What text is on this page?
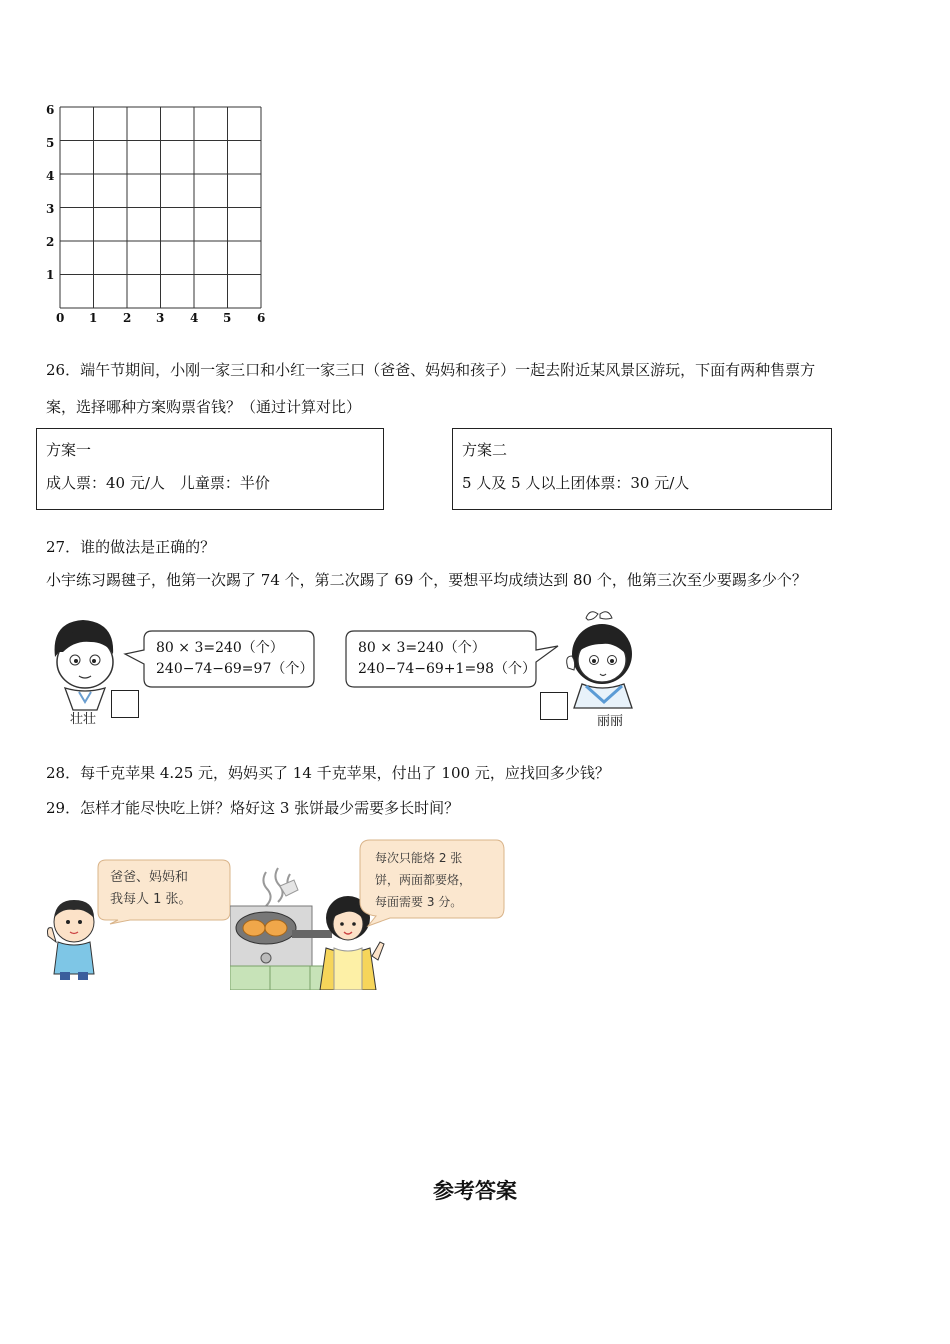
6
5
4
3
2
1
0 1 2 3 4 5 6
26．端午节期间，小刚一家三口和小红一家三口（爸爸、妈妈和孩子）一起去附近某风景区游玩，下面有两种售票方
案，选择哪种方案购票省钱？（通过计算对比）
方案一
成人票：40 元/人　儿童票：半价
方案二
5 人及 5 人以上团体票：30 元/人
27．谁的做法是正确的？
小宇练习踢毽子，他第一次踢了 74 个，第二次踢了 69 个，要想平均成绩达到 80 个，他第三次至少要踢多少个？
壮壮
80 × 3=240（个）
240−74−69=97（个）
80 × 3=240（个）
240−74−69+1=98（个）
丽丽
28．每千克苹果 4.25 元，妈妈买了 14 千克苹果，付出了 100 元，应找回多少钱？
29．怎样才能尽快吃上饼？烙好这 3 张饼最少需要多长时间？
爸爸、妈妈和
我每人 1 张。
每次只能烙 2 张
饼，两面都要烙，
每面需要 3 分。
参考答案
